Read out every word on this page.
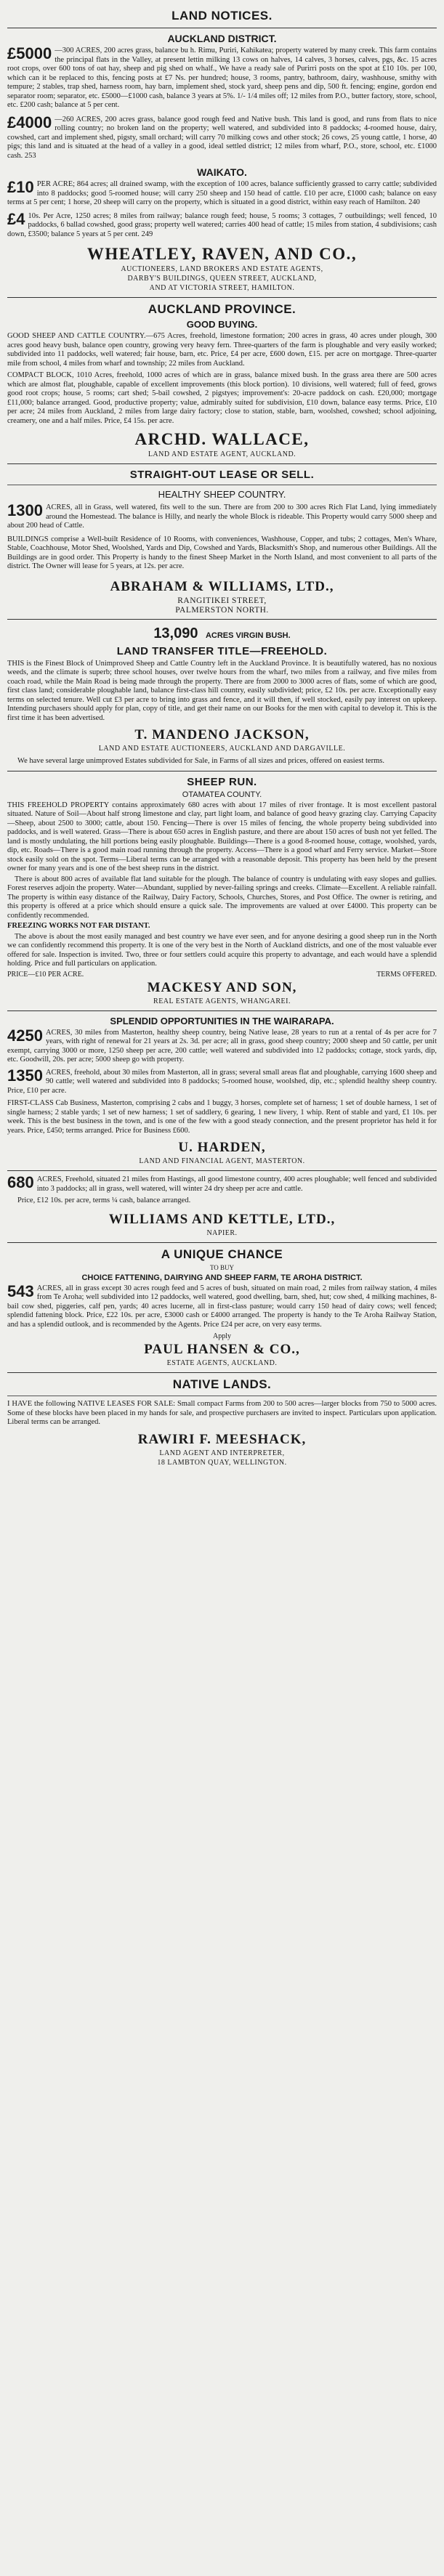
LAND NOTICES.
AUCKLAND DISTRICT.
£5000 —300 ACRES, 200 acres grass, balance bu h. Rimu, Puriri, Kahikatea; property watered by many creek. This farm contains the principal flats in the Valley, at present lettin milking 13 cows on halves, 14 calves, 3 horses, calves, pgs, &c. 15 acres root crops, over 600 tons of oat hay, sheep and pig shed on whalf., We have a ready sale of Purirri posts on the spot at £10 10s. per 100, which can it be replaced to this, fencing posts at £7 Ns. per hundred; house, 3 rooms, pantry, bathroom, dairy, washhouse, smithy with tempure; 2 stables, trap shed, harness room, hay barn, implement shed, stock yard, sheep pens and dip, 500 ft. fencing; engine, gordon end separator room; separator, etc. £5000—£1000 cash, balance 3 years at 5%. 1/- 1/4 miles off; 12 miles from P.O., butter factory, store, school, etc. £200 cash; balance at 5 per cent.
£4000 —260 ACRES, 200 acres grass, balance good rough feed and Native bush. This land is good, and runs from flats to nice rolling country; no broken land on the property; well watered, and subdivided into 8 paddocks; 4-roomed house, dairy, cowshed, cart and implement shed, pigsty, small orchard; will carry 70 milking cows and other stock; 26 cows, 25 young cattle, 1 horse, 40 pigs; this land and is situated at the head of a valley in a good, ideal settled district; 12 miles from wharf, P.O., store, school, etc. £1000 cash. 253
WAIKATO.
£10 PER ACRE; 864 acres; all drained swamp, with the exception of 100 acres, balance sufficiently grassed to carry cattle; subdivided into 8 paddocks; good 5-roomed house; will carry 250 sheep and 150 head of cattle. £10 per acre, £1000 cash; balance on easy terms at 5 per cent; 1 horse, 20 sheep will carry on the property, which is situated in a good district, within easy reach of Hamilton. 240
£4 10s. Per Acre, 1250 acres; 8 miles from railway; balance rough feed; house, 5 rooms; 3 cottages, 7 outbuildings; well fenced, 10 paddocks, 6 ballad cowshed, good grass; property well watered; carries 400 head of cattle; 15 miles from station, 4 subdivisions; cash down, £3500; balance 5 years at 5 per cent. 249
WHEATLEY, RAVEN, AND CO.,
AUCTIONEERS, LAND BROKERS AND ESTATE AGENTS,
DARBY'S BUILDINGS, QUEEN STREET, AUCKLAND,
AND AT VICTORIA STREET, HAMILTON.
AUCKLAND PROVINCE.
GOOD BUYING.
GOOD SHEEP AND CATTLE COUNTRY.—675 Acres, freehold, limestone formation; 200 acres in grass, 40 acres under plough, 300 acres good heavy bush, balance open country, growing very heavy fern. Three-quarters of the farm is ploughable and very easily worked; subdivided into 11 paddocks, well watered; fair house, barn, etc. Price, £4 per acre, £600 down, £15. per acre on mortgage. Three-quarter mile from school, 4 miles from wharf and township; 22 miles from Auckland.
COMPACT BLOCK, 1010 Acres, freehold, 1000 acres of which are in grass, balance mixed bush. In the grass area there are 500 acres which are almost flat, ploughable, capable of excellent improvements (this block portion). 10 divisions, well watered; full of feed, grows good root crops; house, 5 rooms; cart shed; 5-bail cowshed, 2 pigstyes; improvement's: 20-acre paddock on cash. £20,000; mortgage £11,000; balance arranged. Good, productive property; value, admirably suited for subdivision, £10 down, balance easy terms. Price, £10 per acre; 24 miles from Auckland, 2 miles from large dairy factory; close to station, stable, barn, woolshed, cowshed; school adjoining, creamery, one and a half miles. Price, £4 15s. per acre.
ARCHD. WALLACE,
LAND AND ESTATE AGENT, AUCKLAND.
STRAIGHT-OUT LEASE OR SELL.
HEALTHY SHEEP COUNTRY.
1300 ACRES, all in Grass, well watered, fits well to the sun. There are from 200 to 300 acres Rich Flat Land, lying immediately around the Homestead. The balance is Hilly, and nearly the whole Block is rideable. This Property would carry 5000 sheep and about 200 head of Cattle.
BUILDINGS comprise a Well-built Residence of 10 Rooms, with conveniences, Washhouse, Copper, and tubs; 2 cottages, Men's Whare, Stable, Coachhouse, Motor Shed, Woolshed, Yards and Dip, Cowshed and Yards, Blacksmith's Shop, and numerous other Buildings. All the Buildings are in good order. This Property is handy to the finest Sheep Market in the North Island, and most convenient to all parts of the district. The Owner will lease for 5 years, at 12s. per acre.
ABRAHAM & WILLIAMS, LTD.,
RANGITIKEI STREET,
PALMERSTON NORTH.
13,090 ACRES VIRGIN BUSH.
LAND TRANSFER TITLE—FREEHOLD.
THIS is the Finest Block of Unimproved Sheep and Cattle Country left in the Auckland Province. It is beautifully watered, has no noxious weeds, and the climate is superb; three school houses, over twelve hours from the wharf, two miles from a railway, and five miles from coach road, while the Main Road is being made through the property. There are from 2000 to 3000 acres of flats, some of which are good, first class land; considerable ploughable land, balance first-class hill country, easily subdivided; price, £2 10s. per acre. Exceptionally easy terms on selected tenure. Well cut £3 per acre to bring into grass and fence, and it will then, if well stocked, easily pay interest on upkeep. Intending purchasers should apply for plan, copy of title, and get their name on our Books for the men with capital to develop it. This is the first time it has been advertised.
T. MANDENO JACKSON,
LAND AND ESTATE AUCTIONEERS, AUCKLAND AND DARGAVILLE.
We have several large unimproved Estates subdivided for Sale, in Farms of all sizes and prices, offered on easiest terms.
SHEEP RUN.
OTAMATEA COUNTY.
THIS FREEHOLD PROPERTY contains approximately 680 acres with about 17 miles of river frontage. It is most excellent pastoral situated. Nature of Soil—About half strong limestone and clay, part light loam, and balance of good heavy grazing clay. Carrying Capacity—Sheep, about 2500 to 3000; cattle, about 150. Fencing—There is over 15 miles of fencing, the whole property being subdivided into paddocks, and is well watered. Grass—There is about 650 acres in English pasture, and there are about 150 acres of bush not yet felled. The land is mostly undulating, the hill portions being easily ploughable. Buildings—There is a good 8-roomed house, cottage, woolshed, yards, dip, etc. Roads—There is a good main road running through the property. Access—There is a good wharf and Ferry service. Market—Store stock easily sold on the spot. Terms—Liberal terms can be arranged with a reasonable deposit. This property has been held by the present owner for many years and is one of the best sheep runs in the district.
There is about 800 acres of available flat land suitable for the plough. The balance of country is undulating with easy slopes and gullies. Forest reserves adjoin the property. Water—Abundant, supplied by never-failing springs and creeks. Climate—Excellent. A reliable rainfall. The property is within easy distance of the Railway, Dairy Factory, Schools, Churches, Stores, and Post Office. The owner is retiring, and this property is offered at a price which should ensure a quick sale. The improvements are valued at over £4000. This property can be confidently recommended.
FREEZING WORKS NOT FAR DISTANT.
The above is about the most easily managed and best country we have ever seen, and for anyone desiring a good sheep run in the North we can confidently recommend this property. It is one of the very best in the North of Auckland districts, and one of the most valuable ever offered for sale. Inspection is invited. Two, three or four settlers could acquire this property to advantage, and each would have a splendid holding. Price and full particulars on application.
PRICE—£10 PER ACRE.	TERMS OFFERED.
MACKESY AND SON,
REAL ESTATE AGENTS, WHANGAREI.
SPLENDID OPPORTUNITIES IN THE WAIRARAPA.
4250 ACRES, 30 miles from Masterton, healthy sheep country, being Native lease, 28 years to run at a rental of 4s per acre for 7 years, with right of renewal for 21 years at 2s. 3d. per acre; all in grass, good sheep country; 2000 sheep and 50 cattle, per unit exempt, carrying 3000 or more, 1250 sheep per acre, 200 cattle; well watered and subdivided into 12 paddocks; cottage, stock yards, dip, etc. Goodwill, 20s. per acre; 5000 sheep go with property.
1350 ACRES, freehold, about 30 miles from Masterton, all in grass; several small areas flat and ploughable, carrying 1600 sheep and 90 cattle; well watered and subdivided into 8 paddocks; 5-roomed house, woolshed, dip, etc.; splendid healthy sheep country. Price, £10 per acre.
FIRST-CLASS Cab Business, Masterton, comprising 2 cabs and 1 buggy, 3 horses, complete set of harness; 1 set of double harness, 1 set of single harness; 2 stable yards; 1 set of new harness; 1 set of saddlery, 6 gearing, 1 new livery, 1 whip. Rent of stable and yard, £1 10s. per week. This is the best business in the town, and is one of the few with a good steady connection, and the present proprietor has held it for years. Price, £450; terms arranged. Price for Business £600.
U. HARDEN,
LAND AND FINANCIAL AGENT, MASTERTON.
680 ACRES, Freehold, situated 21 miles from Hastings, all good limestone country, 400 acres ploughable; well fenced and subdivided into 3 paddocks; all in grass, well watered, will winter 24 dry sheep per acre and cattle.
Price, £12 10s. per acre, terms ¼ cash, balance arranged.
WILLIAMS AND KETTLE, LTD.,
NAPIER.
A UNIQUE CHANCE
TO BUY
CHOICE FATTENING, DAIRYING AND SHEEP FARM, TE AROHA DISTRICT.
543 ACRES, all in grass except 30 acres rough feed and 5 acres of bush, situated on main road, 2 miles from railway station, 4 miles from Te Aroha; well subdivided into 12 paddocks, well watered, good dwelling, barn, shed, hut; cow shed, 4 milking machines, 8-bail cow shed, piggeries, calf pen, yards; 40 acres lucerne, all in first-class pasture; would carry 150 head of dairy cows; well fenced; splendid fattening block. Price, £22 10s. per acre, £3000 cash or £4000 arranged. The property is handy to the Te Aroha Railway Station, and has a splendid outlook, and is recommended by the Agents. Price £24 per acre, on very easy terms.
Apply
PAUL HANSEN & CO.,
ESTATE AGENTS, AUCKLAND.
NATIVE LANDS.
I HAVE the following NATIVE LEASES FOR SALE: Small compact Farms from 200 to 500 acres—larger blocks from 750 to 5000 acres. Some of these blocks have been placed in my hands for sale, and prospective purchasers are invited to inspect. Particulars upon application. Liberal terms can be arranged.
RAWIRI F. MEESHACK,
LAND AGENT AND INTERPRETER,
18 LAMBTON QUAY, WELLINGTON.
